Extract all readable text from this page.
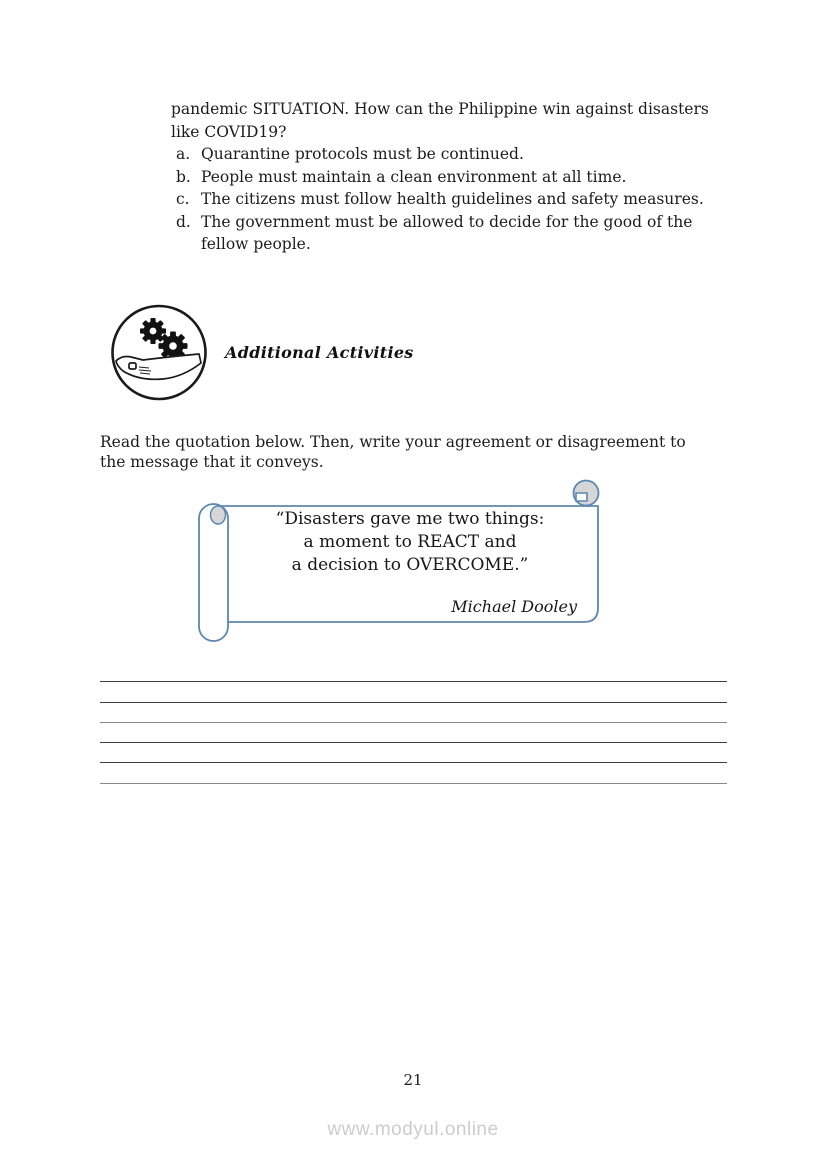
pandemic SITUATION. How can the Philippine win against disasters
like COVID19?
a. Quarantine protocols must be continued.
b. People must maintain a clean environment at all time.
c. The citizens must follow health guidelines and safety measures.
d. The government must be allowed to decide for the good of the fellow people.
Additional Activities
Read the quotation below. Then, write your agreement or disagreement to the message that it conveys.
“Disasters gave me two things:
a moment to REACT and
a decision to OVERCOME.”
Michael Dooley
21
www.modyul.online
